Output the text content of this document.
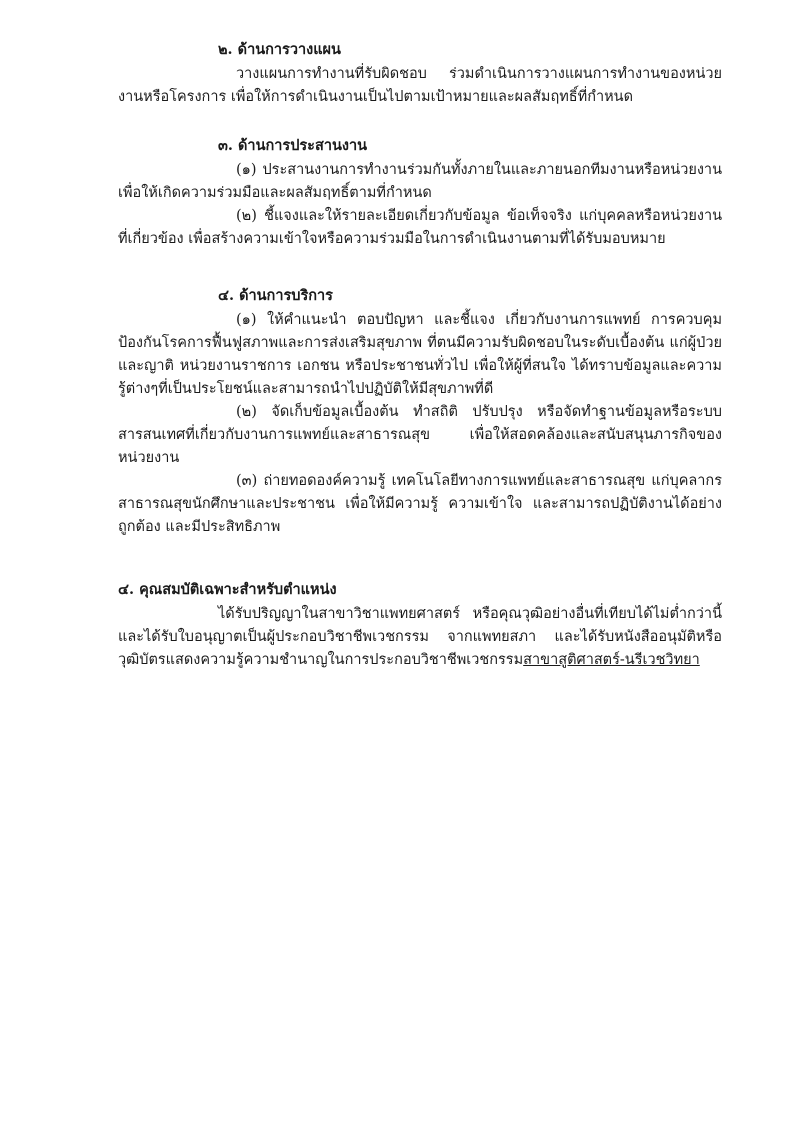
๒. ด้านการวางแผน

วางแผนการทำงานที่รับผิดชอบ ร่วมดำเนินการวางแผนการทำงานของหน่วยงานหรือโครงการ เพื่อให้การดำเนินงานเป็นไปตามเป้าหมายและผลสัมฤทธิ์ที่กำหนด

๓. ด้านการประสานงาน

(๑) ประสานงานการทำงานร่วมกันทั้งภายในและภายนอกทีมงานหรือหน่วยงาน เพื่อให้เกิดความร่วมมือและผลสัมฤทธิ์ตามที่กำหนด

(๒) ชี้แจงและให้รายละเอียดเกี่ยวกับข้อมูล ข้อเท็จจริง แก่บุคคลหรือหน่วยงานที่เกี่ยวข้อง เพื่อสร้างความเข้าใจหรือความร่วมมือในการดำเนินงานตามที่ได้รับมอบหมาย

๔. ด้านการบริการ

(๑) ให้คำแนะนำ ตอบปัญหา และชี้แจง เกี่ยวกับงานการแพทย์ การควบคุมป้องกันโรคการฟื้นฟูสภาพและการส่งเสริมสุขภาพ ที่ตนมีความรับผิดชอบในระดับเบื้องต้น แก่ผู้ป่วยและญาติ หน่วยงานราชการ เอกชน หรือประชาชนทั่วไป เพื่อให้ผู้ที่สนใจ ได้ทราบข้อมูลและความรู้ต่างๆที่เป็นประโยชน์และสามารถนำไปปฏิบัติให้มีสุขภาพที่ดี

(๒) จัดเก็บข้อมูลเบื้องต้น ทำสถิติ ปรับปรุง หรือจัดทำฐานข้อมูลหรือระบบสารสนเทศที่เกี่ยวกับงานการแพทย์และสาธารณสุข เพื่อให้สอดคล้องและสนับสนุนภารกิจของหน่วยงาน

(๓) ถ่ายทอดองค์ความรู้ เทคโนโลยีทางการแพทย์และสาธารณสุข แก่บุคลากรสาธารณสุขนักศึกษาและประชาชน เพื่อให้มีความรู้ ความเข้าใจ และสามารถปฏิบัติงานได้อย่างถูกต้อง และมีประสิทธิภาพ

๔. คุณสมบัติเฉพาะสำหรับตำแหน่ง

ได้รับปริญญาในสาขาวิชาแพทยศาสตร์ หรือคุณวุฒิอย่างอื่นที่เทียบได้ไม่ต่ำกว่านี้ และได้รับใบอนุญาตเป็นผู้ประกอบวิชาชีพเวชกรรม จากแพทยสภา และได้รับหนังสืออนุมัติหรือวุฒิบัตรแสดงความรู้ความชำนาญในการประกอบวิชาชีพเวชกรรมสาขาสูติศาสตร์-นรีเวชวิทยา
